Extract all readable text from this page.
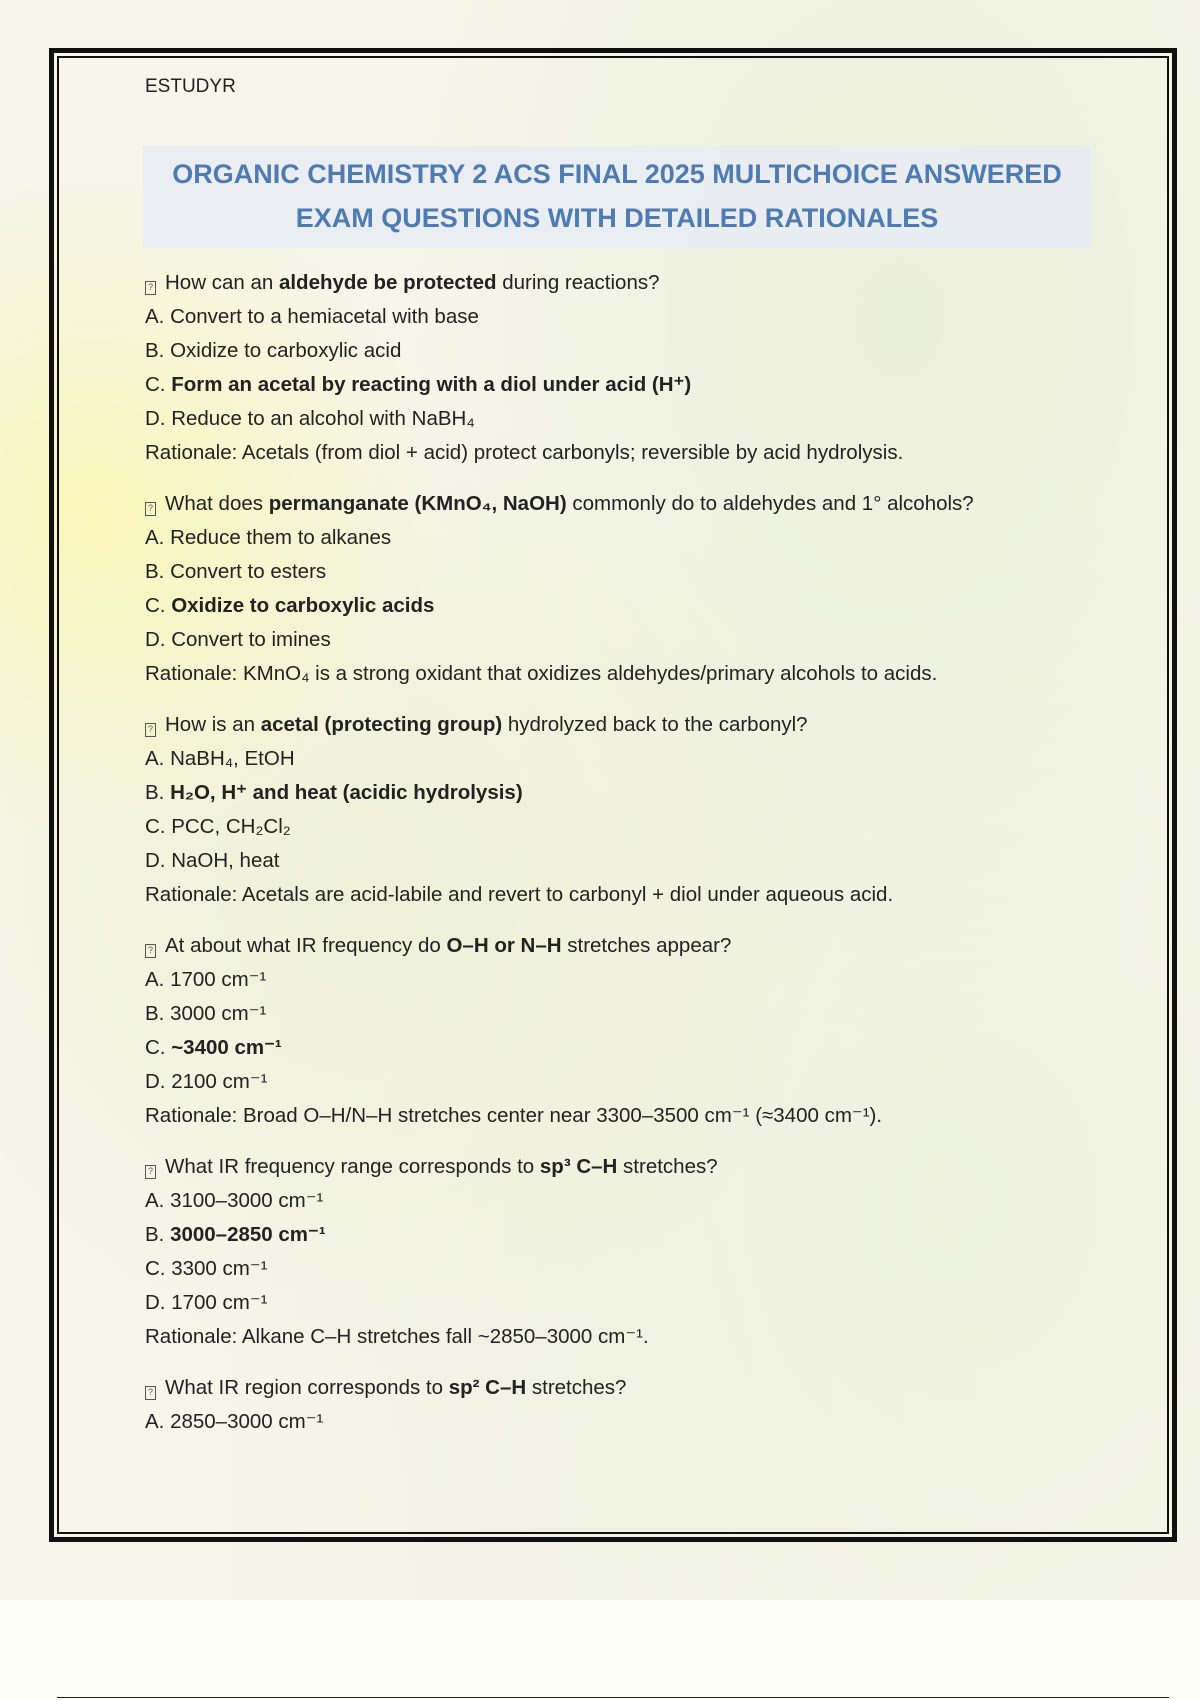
ESTUDYR
ORGANIC CHEMISTRY 2 ACS FINAL 2025 MULTICHOICE ANSWERED
EXAM QUESTIONS WITH DETAILED RATIONALES
? How can an aldehyde be protected during reactions?
A. Convert to a hemiacetal with base
B. Oxidize to carboxylic acid
C. Form an acetal by reacting with a diol under acid (H⁺)
D. Reduce to an alcohol with NaBH₄
Rationale: Acetals (from diol + acid) protect carbonyls; reversible by acid hydrolysis.
? What does permanganate (KMnO₄, NaOH) commonly do to aldehydes and 1° alcohols?
A. Reduce them to alkanes
B. Convert to esters
C. Oxidize to carboxylic acids
D. Convert to imines
Rationale: KMnO₄ is a strong oxidant that oxidizes aldehydes/primary alcohols to acids.
? How is an acetal (protecting group) hydrolyzed back to the carbonyl?
A. NaBH₄, EtOH
B. H₂O, H⁺ and heat (acidic hydrolysis)
C. PCC, CH₂Cl₂
D. NaOH, heat
Rationale: Acetals are acid-labile and revert to carbonyl + diol under aqueous acid.
? At about what IR frequency do O–H or N–H stretches appear?
A. 1700 cm⁻¹
B. 3000 cm⁻¹
C. ~3400 cm⁻¹
D. 2100 cm⁻¹
Rationale: Broad O–H/N–H stretches center near 3300–3500 cm⁻¹ (≈3400 cm⁻¹).
? What IR frequency range corresponds to sp³ C–H stretches?
A. 3100–3000 cm⁻¹
B. 3000–2850 cm⁻¹
C. 3300 cm⁻¹
D. 1700 cm⁻¹
Rationale: Alkane C–H stretches fall ~2850–3000 cm⁻¹.
? What IR region corresponds to sp² C–H stretches?
A. 2850–3000 cm⁻¹
